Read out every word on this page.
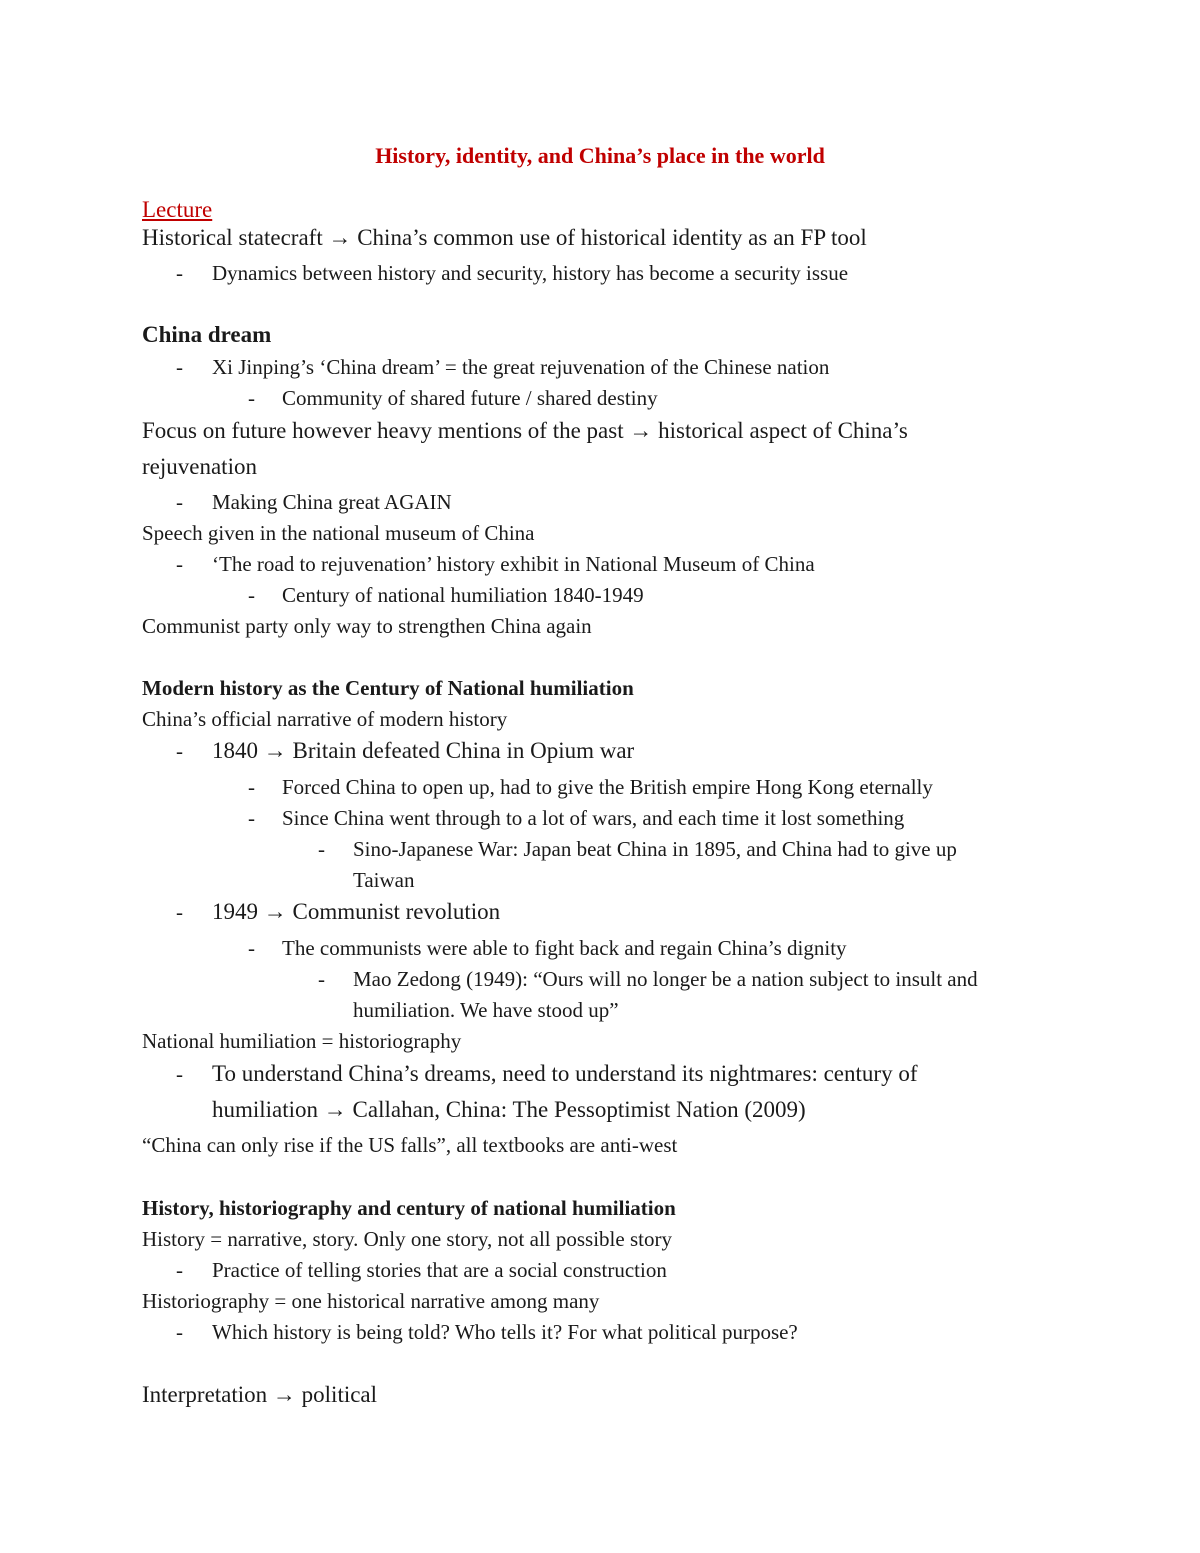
History, identity, and China’s place in the world
Lecture
Historical statecraft → China’s common use of historical identity as an FP tool
- Dynamics between history and security, history has become a security issue
China dream
- Xi Jinping’s ‘China dream’ = the great rejuvenation of the Chinese nation
- Community of shared future / shared destiny
Focus on future however heavy mentions of the past → historical aspect of China’s
rejuvenation
- Making China great AGAIN
Speech given in the national museum of China
- ‘The road to rejuvenation’ history exhibit in National Museum of China
- Century of national humiliation 1840-1949
Communist party only way to strengthen China again
Modern history as the Century of National humiliation
China’s official narrative of modern history
- 1840 → Britain defeated China in Opium war
- Forced China to open up, had to give the British empire Hong Kong eternally
- Since China went through to a lot of wars, and each time it lost something
- Sino-Japanese War: Japan beat China in 1895, and China had to give up
Taiwan
- 1949 → Communist revolution
- The communists were able to fight back and regain China’s dignity
- Mao Zedong (1949): “Ours will no longer be a nation subject to insult and
humiliation. We have stood up”
National humiliation = historiography
- To understand China’s dreams, need to understand its nightmares: century of
humiliation → Callahan, China: The Pessoptimist Nation (2009)
“China can only rise if the US falls”, all textbooks are anti-west
History, historiography and century of national humiliation
History = narrative, story. Only one story, not all possible story
- Practice of telling stories that are a social construction
Historiography = one historical narrative among many
- Which history is being told? Who tells it? For what political purpose?
Interpretation → political
